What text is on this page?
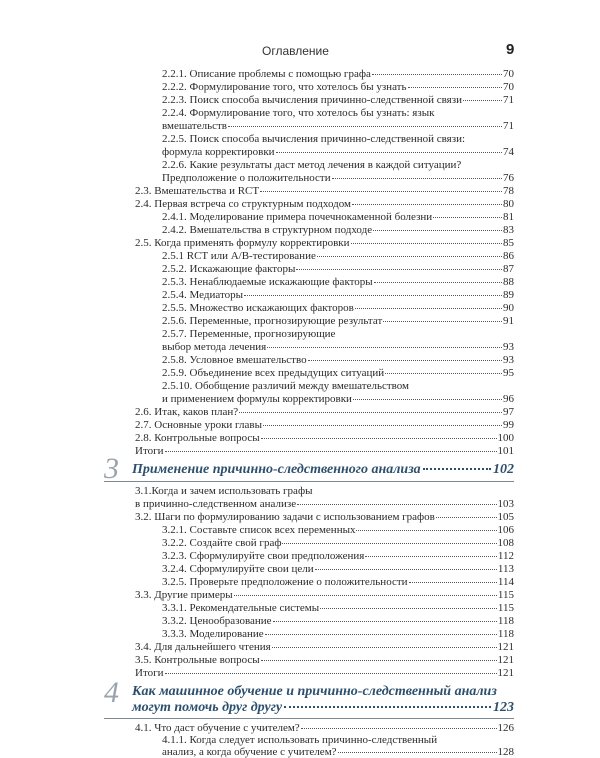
Оглавление	9
2.2.1. Описание проблемы с помощью графа	70
2.2.2. Формулирование того, что хотелось бы узнать	70
2.2.3. Поиск способа вычисления причинно-следственной связи	71
2.2.4. Формулирование того, что хотелось бы узнать: язык
вмешательств	71
2.2.5. Поиск способа вычисления причинно-следственной связи:
формула корректировки	74
2.2.6. Какие результаты даст метод лечения в каждой ситуации?
Предположение о положительности	76
2.3. Вмешательства и RCT	78
2.4. Первая встреча со структурным подходом	80
2.4.1. Моделирование примера почечнокаменной болезни	81
2.4.2. Вмешательства в структурном подходе	83
2.5. Когда применять формулу корректировки	85
2.5.1 RCT или А/В-тестирование	86
2.5.2. Искажающие факторы	87
2.5.3. Ненаблюдаемые искажающие факторы	88
2.5.4. Медиаторы	89
2.5.5. Множество искажающих факторов	90
2.5.6. Переменные, прогнозирующие результат	91
2.5.7. Переменные, прогнозирующие
выбор метода лечения	93
2.5.8. Условное вмешательство	93
2.5.9. Объединение всех предыдущих ситуаций	95
2.5.10. Обобщение различий между вмешательством
и применением формулы корректировки	96
2.6. Итак, каков план?	97
2.7. Основные уроки главы	99
2.8. Контрольные вопросы	100
Итоги	101
3 Применение причинно-следственного анализа	102
3.1.Когда и зачем использовать графы
в причинно-следственном анализе	103
3.2. Шаги по формулированию задачи с использованием графов	105
3.2.1. Составьте список всех переменных	106
3.2.2. Создайте свой граф	108
3.2.3. Сформулируйте свои предположения	112
3.2.4. Сформулируйте свои цели	113
3.2.5. Проверьте предположение о положительности	114
3.3. Другие примеры	115
3.3.1. Рекомендательные системы	115
3.3.2. Ценообразование	118
3.3.3. Моделирование	118
3.4. Для дальнейшего чтения	121
3.5. Контрольные вопросы	121
Итоги	121
4 Как машинное обучение и причинно-следственный анализ
могут помочь друг другу	123
4.1. Что даст обучение с учителем?	126
4.1.1. Когда следует использовать причинно-следственный
анализ, а когда обучение с учителем?	128
